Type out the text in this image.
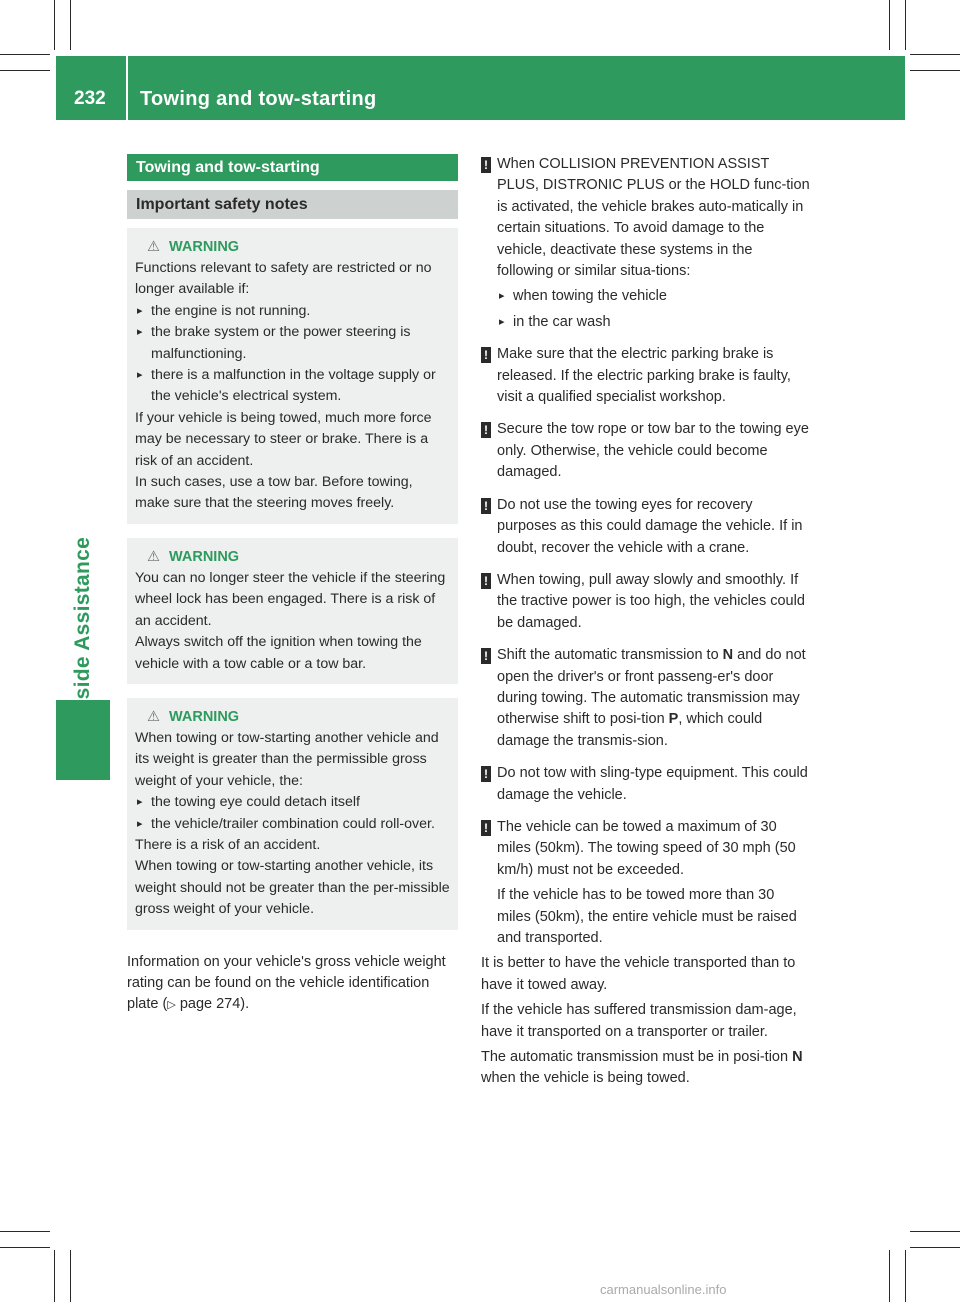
232 Towing and tow-starting
Roadside Assistance
Towing and tow-starting
Important safety notes
⚠ WARNING

Functions relevant to safety are restricted or no longer available if:

▸ the engine is not running.
▸ the brake system or the power steering is malfunctioning.
▸ there is a malfunction in the voltage supply or the vehicle's electrical system.

If your vehicle is being towed, much more force may be necessary to steer or brake. There is a risk of an accident.

In such cases, use a tow bar. Before towing, make sure that the steering moves freely.

⚠ WARNING

You can no longer steer the vehicle if the steering wheel lock has been engaged. There is a risk of an accident.

Always switch off the ignition when towing the vehicle with a tow cable or a tow bar.

⚠ WARNING

When towing or tow-starting another vehicle and its weight is greater than the permissible gross weight of your vehicle, the:

▸ the towing eye could detach itself
▸ the vehicle/trailer combination could roll-over.

There is a risk of an accident.

When towing or tow-starting another vehicle, its weight should not be greater than the per-missible gross weight of your vehicle.

Information on your vehicle's gross vehicle weight rating can be found on the vehicle identification plate (▷ page 274).

! When COLLISION PREVENTION ASSIST PLUS, DISTRONIC PLUS or the HOLD func-tion is activated, the vehicle brakes auto-matically in certain situations. To avoid damage to the vehicle, deactivate these systems in the following or similar situa-tions:

▸ when towing the vehicle
▸ in the car wash
! Make sure that the electric parking brake is released. If the electric parking brake is faulty, visit a qualified specialist workshop.

! Secure the tow rope or tow bar to the towing eye only. Otherwise, the vehicle could become damaged.

! Do not use the towing eyes for recovery purposes as this could damage the vehicle. If in doubt, recover the vehicle with a crane.

! When towing, pull away slowly and smoothly. If the tractive power is too high, the vehicles could be damaged.

! Shift the automatic transmission to N and do not open the driver's or front passeng-er's door during towing. The automatic transmission may otherwise shift to posi-tion P, which could damage the transmis-sion.

! Do not tow with sling-type equipment. This could damage the vehicle.

! The vehicle can be towed a maximum of 30 miles (50km). The towing speed of 30 mph (50 km/h) must not be exceeded.

If the vehicle has to be towed more than 30 miles (50km), the entire vehicle must be raised and transported.

It is better to have the vehicle transported than to have it towed away.

If the vehicle has suffered transmission dam-age, have it transported on a transporter or trailer.

The automatic transmission must be in posi-tion N when the vehicle is being towed.

carmanualsonline.info
